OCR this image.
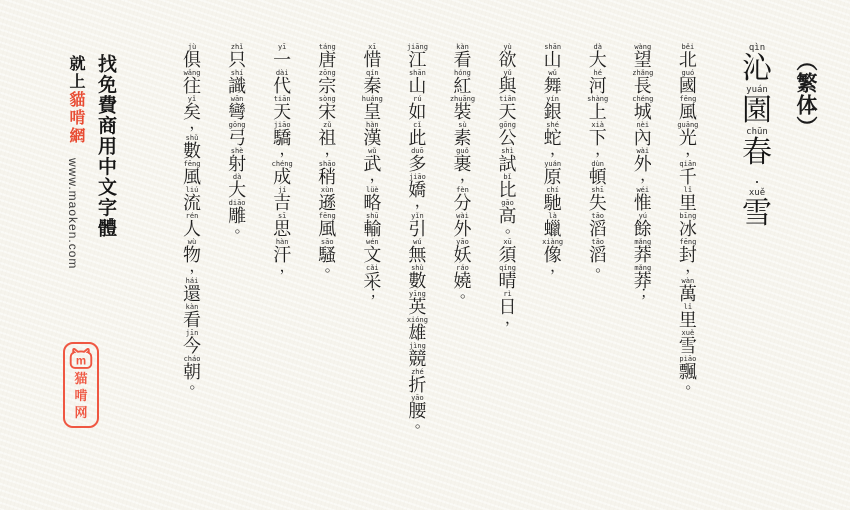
（繁体）
qìn
沁
yuán
園
chūn
春
・
xuě
雪
běi
北
guó
國
fēng
風
guāng
光
，
qiān
千
lǐ
里
bīng
冰
fēng
封
，
wàn
萬
lǐ
里
xuě
雪
piāo
飄
。
wàng
望
zhǎng
長
chéng
城
nèi
內
wài
外
，
wéi
惟
yú
餘
mǎng
莽
mǎng
莽
；
dà
大
hé
河
shàng
上
xià
下
，
dùn
頓
shī
失
tāo
滔
tāo
滔
。
shān
山
wǔ
舞
yín
銀
shé
蛇
，
yuán
原
chí
馳
là
蠟
xiàng
像
，
yù
欲
yǔ
與
tiān
天
gōng
公
shì
試
bǐ
比
gāo
高
。
xū
須
qíng
晴
rì
日
，
kàn
看
hóng
紅
zhuāng
裝
sù
素
guǒ
裹
，
fèn
分
wài
外
yāo
妖
ráo
嬈
。
jiāng
江
shān
山
rú
如
cǐ
此
duō
多
jiāo
嬌
，
yǐn
引
wú
無
shù
數
yīng
英
xióng
雄
jìng
競
zhé
折
yāo
腰
。
xī
惜
qín
秦
huáng
皇
hàn
漢
wǔ
武
，
lüè
略
shū
輸
wén
文
cǎi
采
；
táng
唐
zōng
宗
sòng
宋
zǔ
祖
，
shāo
稍
xùn
遜
fēng
風
sāo
騷
。
yī
一
dài
代
tiān
天
jiāo
驕
，
chéng
成
jí
吉
sī
思
hàn
汗
，
zhǐ
只
shí
識
wān
彎
gōng
弓
shè
射
dà
大
diāo
雕
。
jù
俱
wǎng
往
yǐ
矣
，
shǔ
數
fēng
風
liú
流
rén
人
wù
物
，
hái
還
kàn
看
jīn
今
cháo
朝
。
找免費商用中文字體
就上貓啃網
www.maoken.com
m
猫
啃
网
